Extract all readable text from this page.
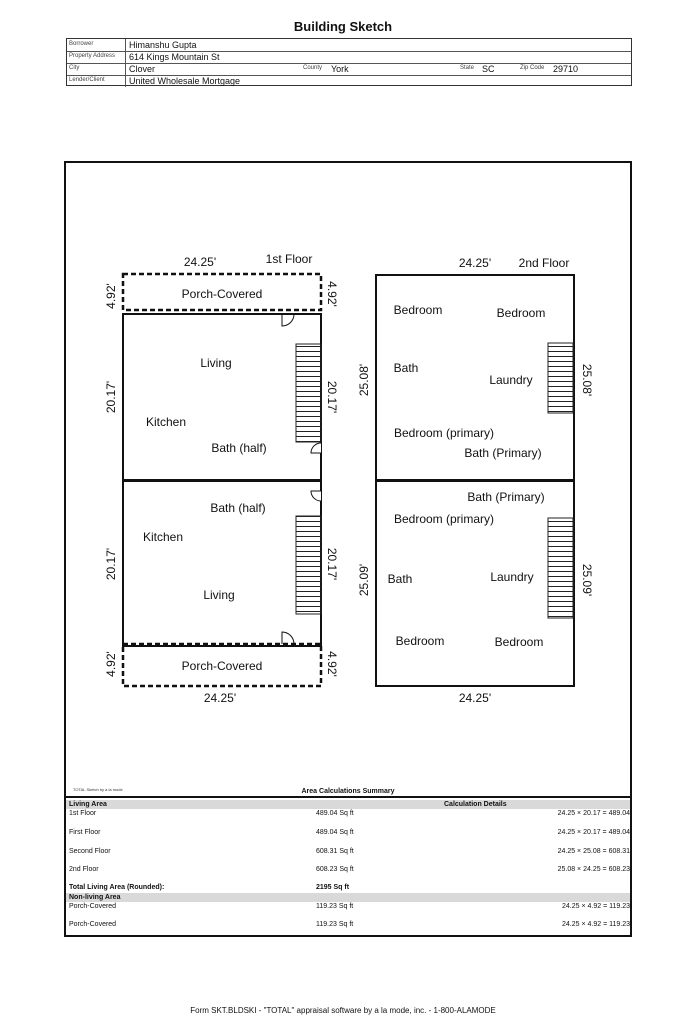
Building Sketch
Borrower	Himanshu Gupta
Property Address 614 Kings Mountain St
City	Clover	County York	State SC	Zip Code 29710
Lender/Client	United Wholesale Mortgage
24.25'	1st Floor
Porch-Covered
Porch-Covered
24.25'
4.92'	4.92'
4.92'	4.92'
20.17'	20.17'
Living
Kitchen
Bath (half)
20.17'	20.17'
Bath (half)
Kitchen
Living
24.25' 2nd Floor
24.25'
25.08'	25.08'
Bedroom	Bedroom
Bath
Laundry
Bedroom (primary)
Bath (Primary)
25.09'	25.09'
Bath (Primary)
Bedroom (primary)
Bath	Laundry
Bedroom	Bedroom
TOTAL Sketch by a la mode	Area Calculations Summary
Living Area	Calculation Details
1st Floor	489.04 Sq ft	24.25 × 20.17 = 489.04
First Floor	489.04 Sq ft	24.25 × 20.17 = 489.04
Second Floor	608.31 Sq ft	24.25 × 25.08 = 608.31
2nd Floor	608.23 Sq ft	25.08 × 24.25 = 608.23
Total Living Area (Rounded):	2195 Sq ft
Non-living Area
Porch-Covered	119.23 Sq ft	24.25 × 4.92 = 119.23
Porch-Covered	119.23 Sq ft	24.25 × 4.92 = 119.23
Form SKT.BLDSKI - "TOTAL" appraisal software by a la mode, inc. - 1-800-ALAMODE
